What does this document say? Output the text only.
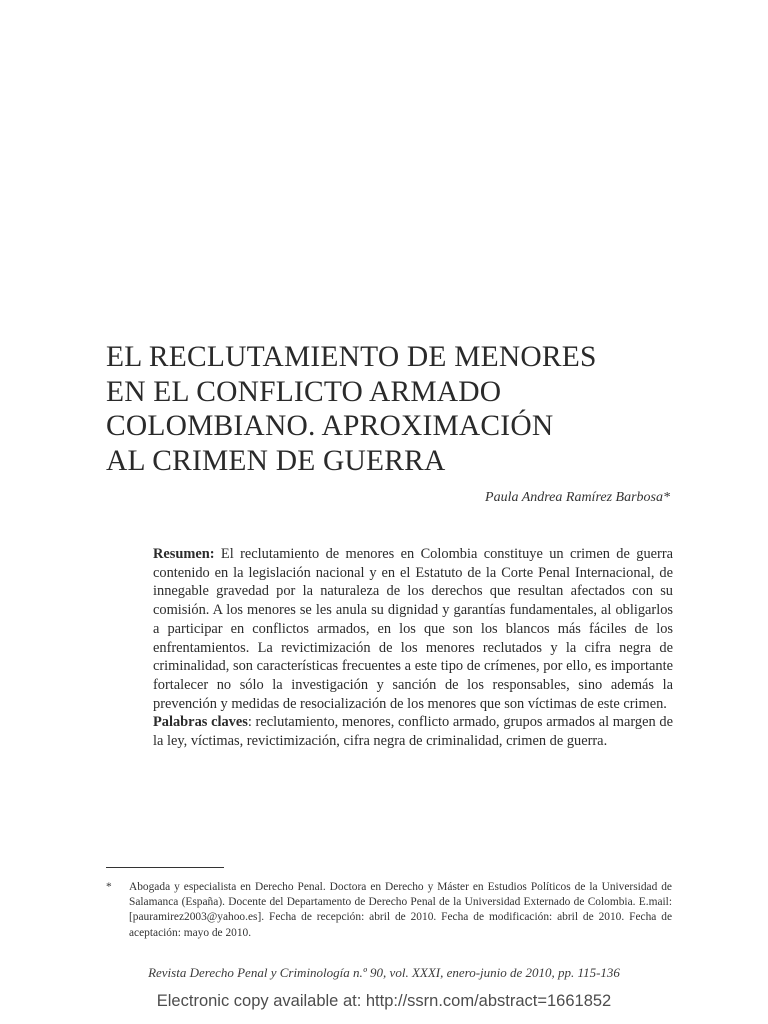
EL RECLUTAMIENTO DE MENORES
EN EL CONFLICTO ARMADO
COLOMBIANO. APROXIMACIÓN
AL CRIMEN DE GUERRA
Paula Andrea Ramírez Barbosa*

Resumen: El reclutamiento de menores en Colombia constituye un crimen de guerra contenido en la legislación nacional y en el Estatuto de la Corte Penal Internacional, de innegable gravedad por la naturaleza de los derechos que resultan afectados con su comisión. A los menores se les anula su dignidad y garantías fundamentales, al obligarlos a participar en conflictos armados, en los que son los blancos más fáciles de los enfrentamientos. La revictimización de los menores reclutados y la cifra negra de criminalidad, son características frecuentes a este tipo de crímenes, por ello, es importante fortalecer no sólo la investigación y sanción de los responsables, sino además la prevención y medidas de resocialización de los menores que son víctimas de este crimen.

Palabras claves: reclutamiento, menores, conflicto armado, grupos armados al margen de la ley, víctimas, revictimización, cifra negra de criminalidad, crimen de guerra.

* Abogada y especialista en Derecho Penal. Doctora en Derecho y Máster en Estudios Políticos de la Universidad de Salamanca (España). Docente del Departamento de Derecho Penal de la Universidad Externado de Colombia. E.mail: [pauramirez2003@yahoo.es]. Fecha de recepción: abril de 2010. Fecha de modificación: abril de 2010. Fecha de aceptación: mayo de 2010.
Revista Derecho Penal y Criminología n.º 90, vol. XXXI, enero-junio de 2010, pp. 115-136
Electronic copy available at: http://ssrn.com/abstract=1661852
